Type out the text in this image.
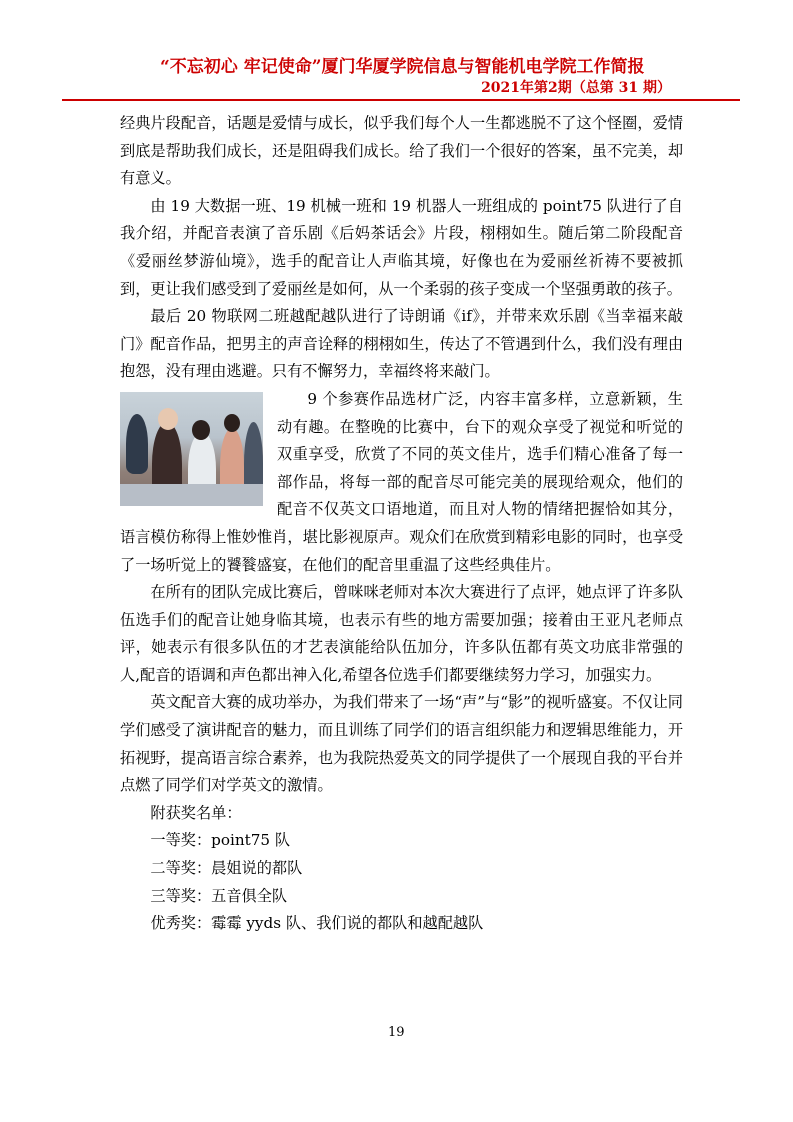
“不忘初心 牢记使命”厦门华厦学院信息与智能机电学院工作简报
2021年第2期（总第 31 期）

经典片段配音，话题是爱情与成长，似乎我们每个人一生都逃脱不了这个怪圈，爱情到底是帮助我们成长，还是阻碍我们成长。给了我们一个很好的答案，虽不完美，却有意义。

由 19 大数据一班、19 机械一班和 19 机器人一班组成的 point75 队进行了自我介绍，并配音表演了音乐剧《后妈茶话会》片段，栩栩如生。随后第二阶段配音《爱丽丝梦游仙境》，选手的配音让人声临其境，好像也在为爱丽丝祈祷不要被抓到，更让我们感受到了爱丽丝是如何，从一个柔弱的孩子变成一个坚强勇敢的孩子。

最后 20 物联网二班越配越队进行了诗朗诵《if》，并带来欢乐剧《当幸福来敲门》配音作品，把男主的声音诠释的栩栩如生，传达了不管遇到什么，我们没有理由抱怨，没有理由逃避。只有不懈努力，幸福终将来敲门。

9 个参赛作品选材广泛，内容丰富多样，立意新颖，生动有趣。在整晚的比赛中，台下的观众享受了视觉和听觉的双重享受，欣赏了不同的英文佳片，选手们精心准备了每一部作品，将每一部的配音尽可能完美的展现给观众，他们的配音不仅英文口语地道，而且对人物的情绪把握恰如其分，语言模仿称得上惟妙惟肖，堪比影视原声。观众们在欣赏到精彩电影的同时，也享受了一场听觉上的饕餮盛宴，在他们的配音里重温了这些经典佳片。

在所有的团队完成比赛后，曾咪咪老师对本次大赛进行了点评，她点评了许多队伍选手们的配音让她身临其境，也表示有些的地方需要加强；接着由王亚凡老师点评，她表示有很多队伍的才艺表演能给队伍加分，许多队伍都有英文功底非常强的人,配音的语调和声色都出神入化,希望各位选手们都要继续努力学习，加强实力。

英文配音大赛的成功举办，为我们带来了一场“声”与“影”的视听盛宴。不仅让同学们感受了演讲配音的魅力，而且训练了同学们的语言组织能力和逻辑思维能力，开拓视野，提高语言综合素养，也为我院热爱英文的同学提供了一个展现自我的平台并点燃了同学们对学英文的激情。

附获奖名单：
一等奖：point75 队
二等奖：晨姐说的都队
三等奖：五音俱全队
优秀奖：霉霉 yyds 队、我们说的都队和越配越队
19
